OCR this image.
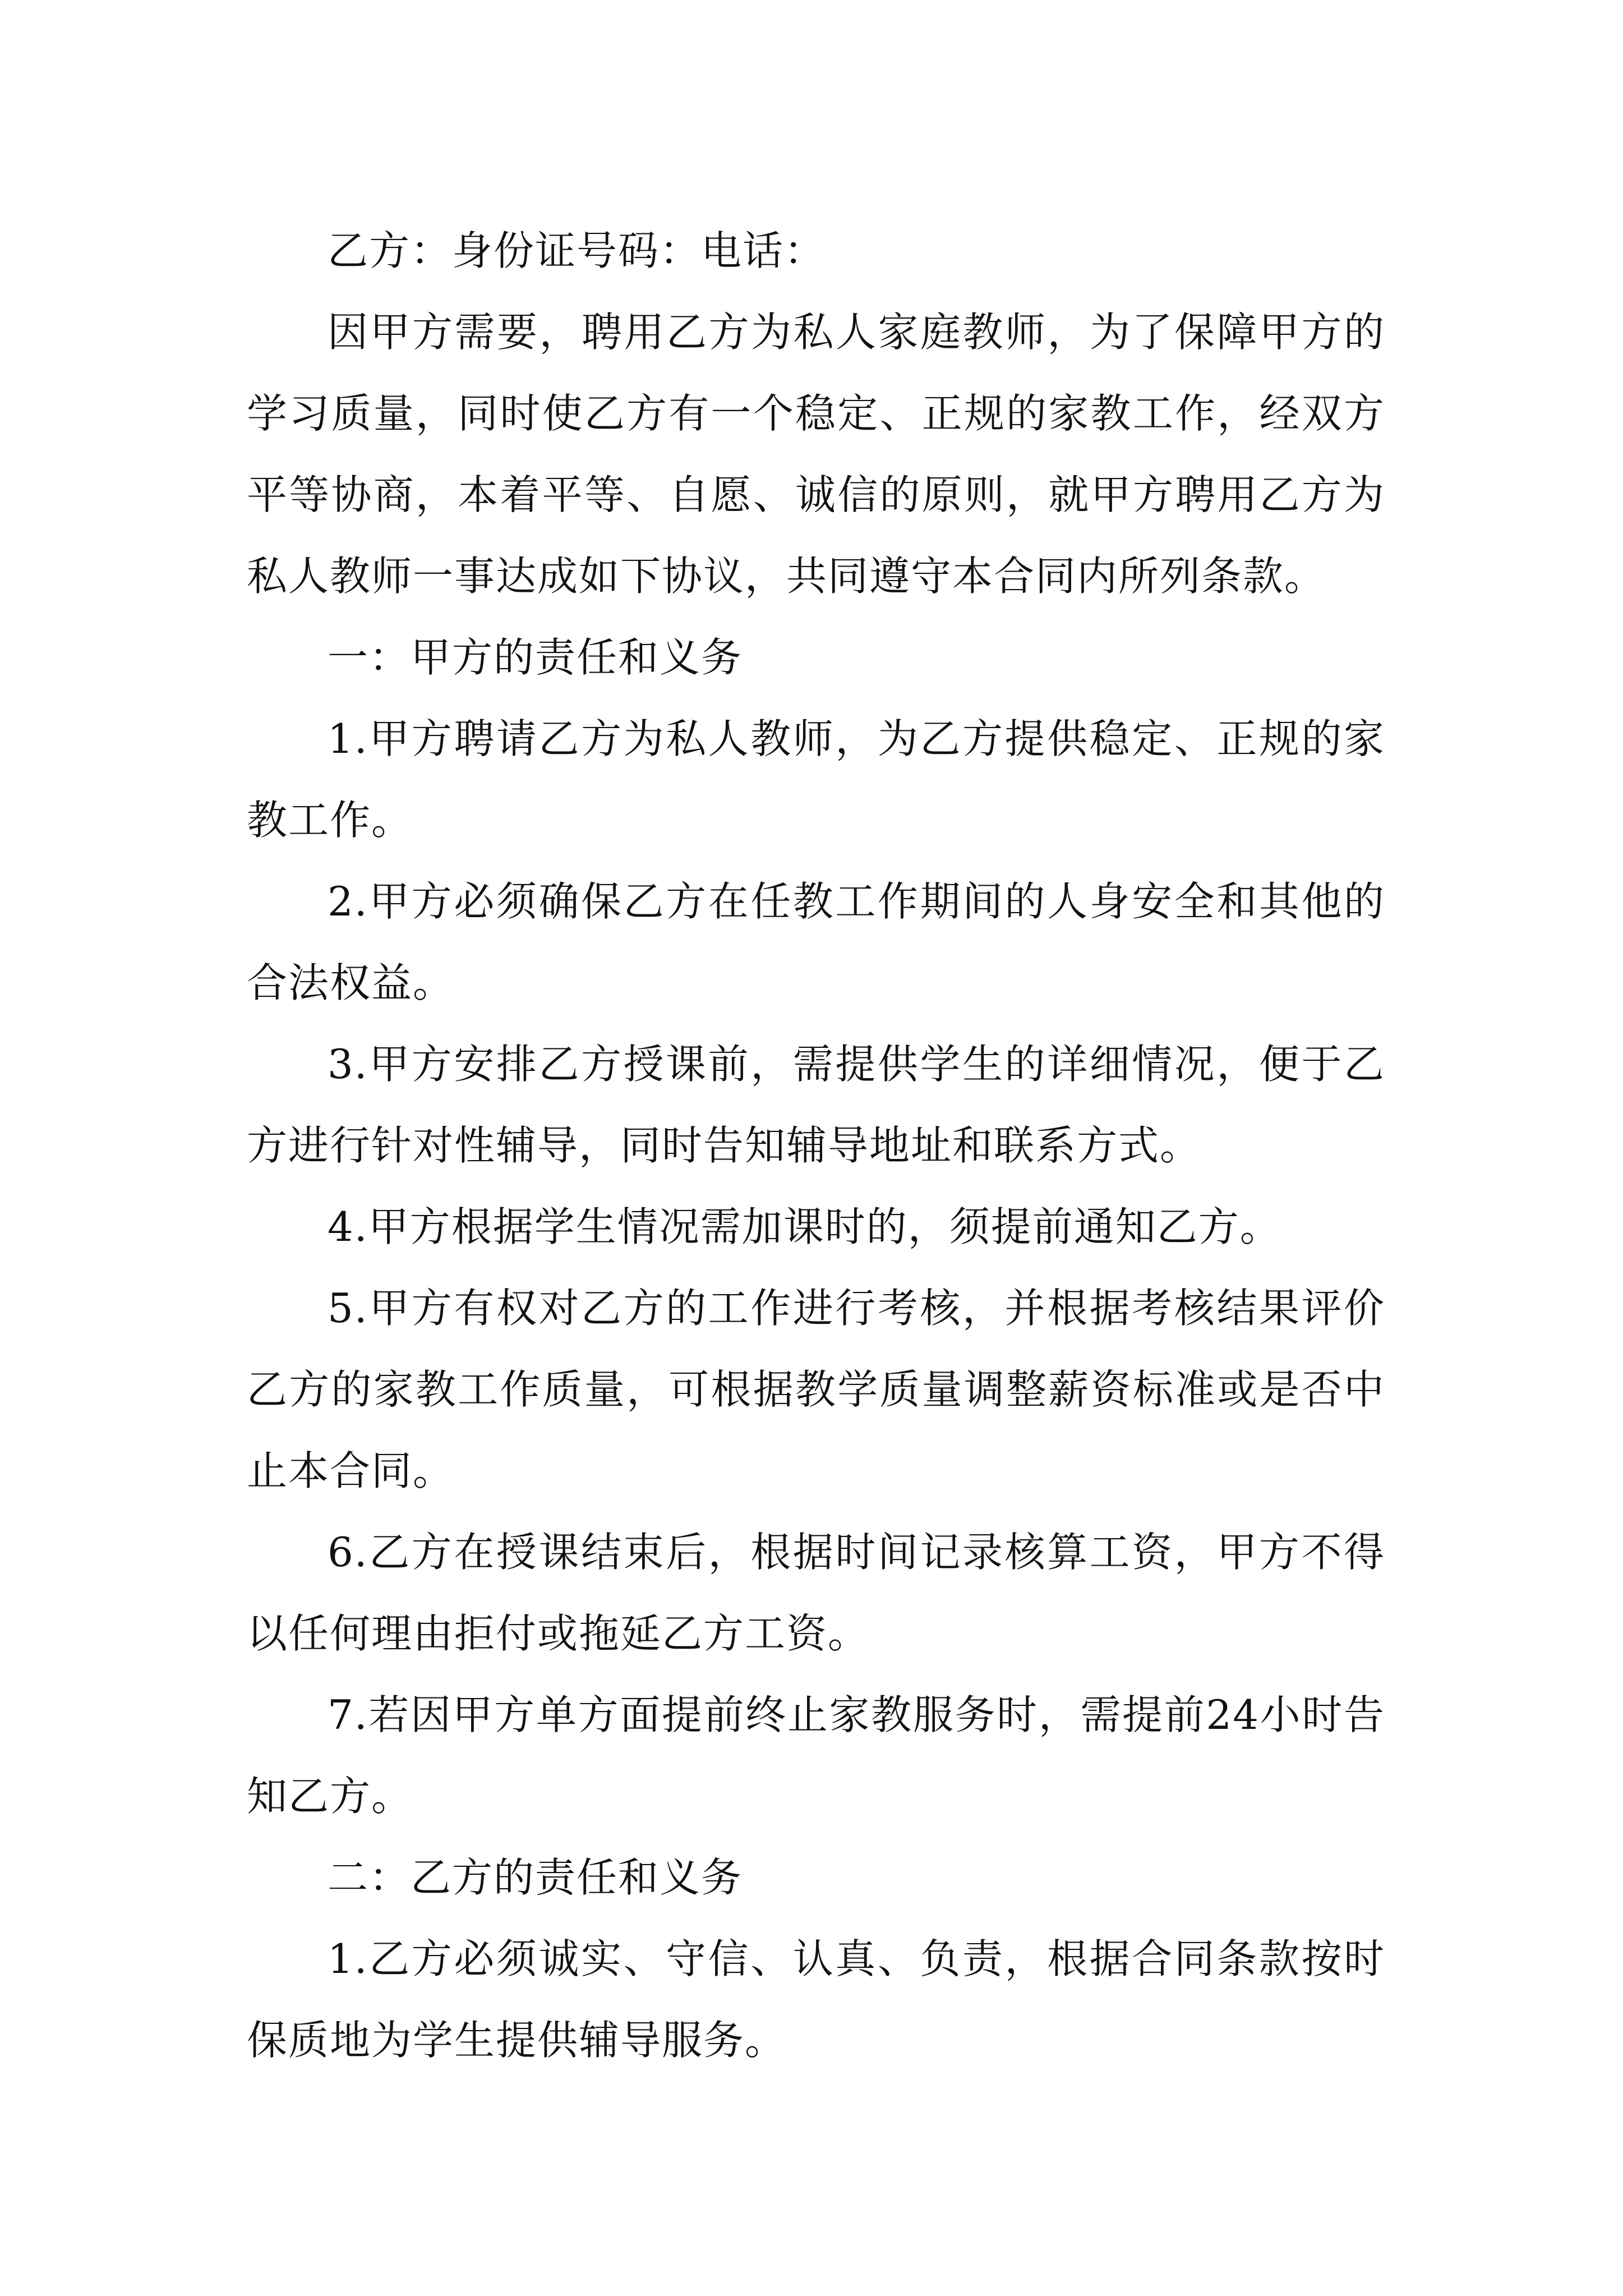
乙方：身份证号码：电话：

因甲方需要，聘用乙方为私人家庭教师，为了保障甲方的学习质量，同时使乙方有一个稳定、正规的家教工作，经双方平等协商，本着平等、自愿、诚信的原则，就甲方聘用乙方为私人教师一事达成如下协议，共同遵守本合同内所列条款。

一：甲方的责任和义务

1.甲方聘请乙方为私人教师，为乙方提供稳定、正规的家教工作。

2.甲方必须确保乙方在任教工作期间的人身安全和其他的合法权益。

3.甲方安排乙方授课前，需提供学生的详细情况，便于乙方进行针对性辅导，同时告知辅导地址和联系方式。

4.甲方根据学生情况需加课时的，须提前通知乙方。

5.甲方有权对乙方的工作进行考核，并根据考核结果评价乙方的家教工作质量，可根据教学质量调整薪资标准或是否中止本合同。

6.乙方在授课结束后，根据时间记录核算工资，甲方不得以任何理由拒付或拖延乙方工资。

7.若因甲方单方面提前终止家教服务时，需提前24小时告知乙方。

二：乙方的责任和义务

1.乙方必须诚实、守信、认真、负责，根据合同条款按时保质地为学生提供辅导服务。
